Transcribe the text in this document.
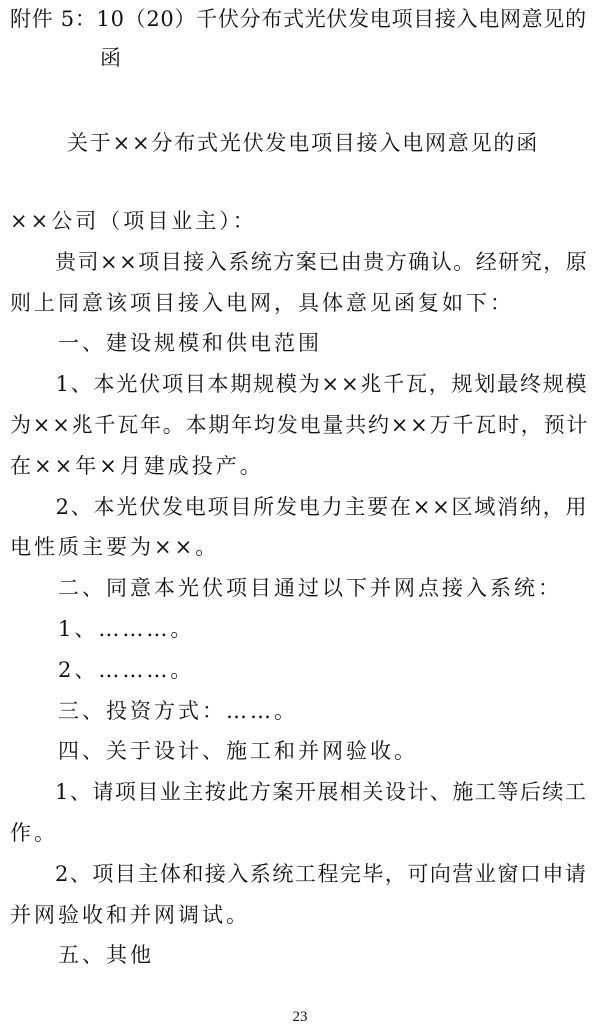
附件 5：10（20）千伏分布式光伏发电项目接入电网意见的
函
关于××分布式光伏发电项目接入电网意见的函
××公司（项目业主）：
　　贵司××项目接入系统方案已由贵方确认。经研究，原
则上同意该项目接入电网，具体意见函复如下：
　　一、建设规模和供电范围
　　1、本光伏项目本期规模为××兆千瓦，规划最终规模
为××兆千瓦年。本期年均发电量共约××万千瓦时，预计
在××年×月建成投产。
　　2、本光伏发电项目所发电力主要在××区域消纳，用
电性质主要为××。
　　二、同意本光伏项目通过以下并网点接入系统：
　　1、………。
　　2、………。
　　三、投资方式：……。
　　四、关于设计、施工和并网验收。
　　1、请项目业主按此方案开展相关设计、施工等后续工
作。
　　2、项目主体和接入系统工程完毕，可向营业窗口申请
并网验收和并网调试。
　　五、其他
23
